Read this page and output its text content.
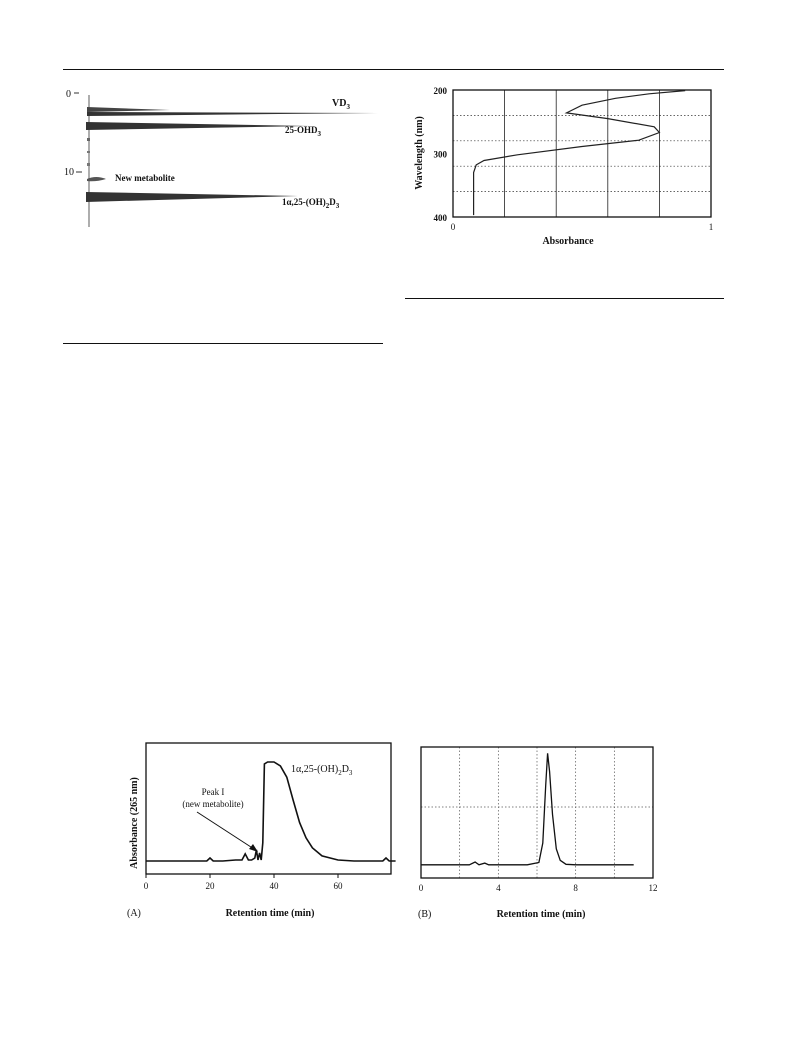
0
10
$VD_3$
$25-OHD_3$
New metabolite
$1\alpha,25-(OH)_2D_3$
200
300
400
0	1
Wavelength (nm)
Absorbance
0	20	40	60
Absorbance (265 nm)
Retention time (min)
(A)
Peak I
(new metabolite)
$1\alpha,25-(OH)_2D_3$
0	4	8	12
Retention time (min)
(B)
